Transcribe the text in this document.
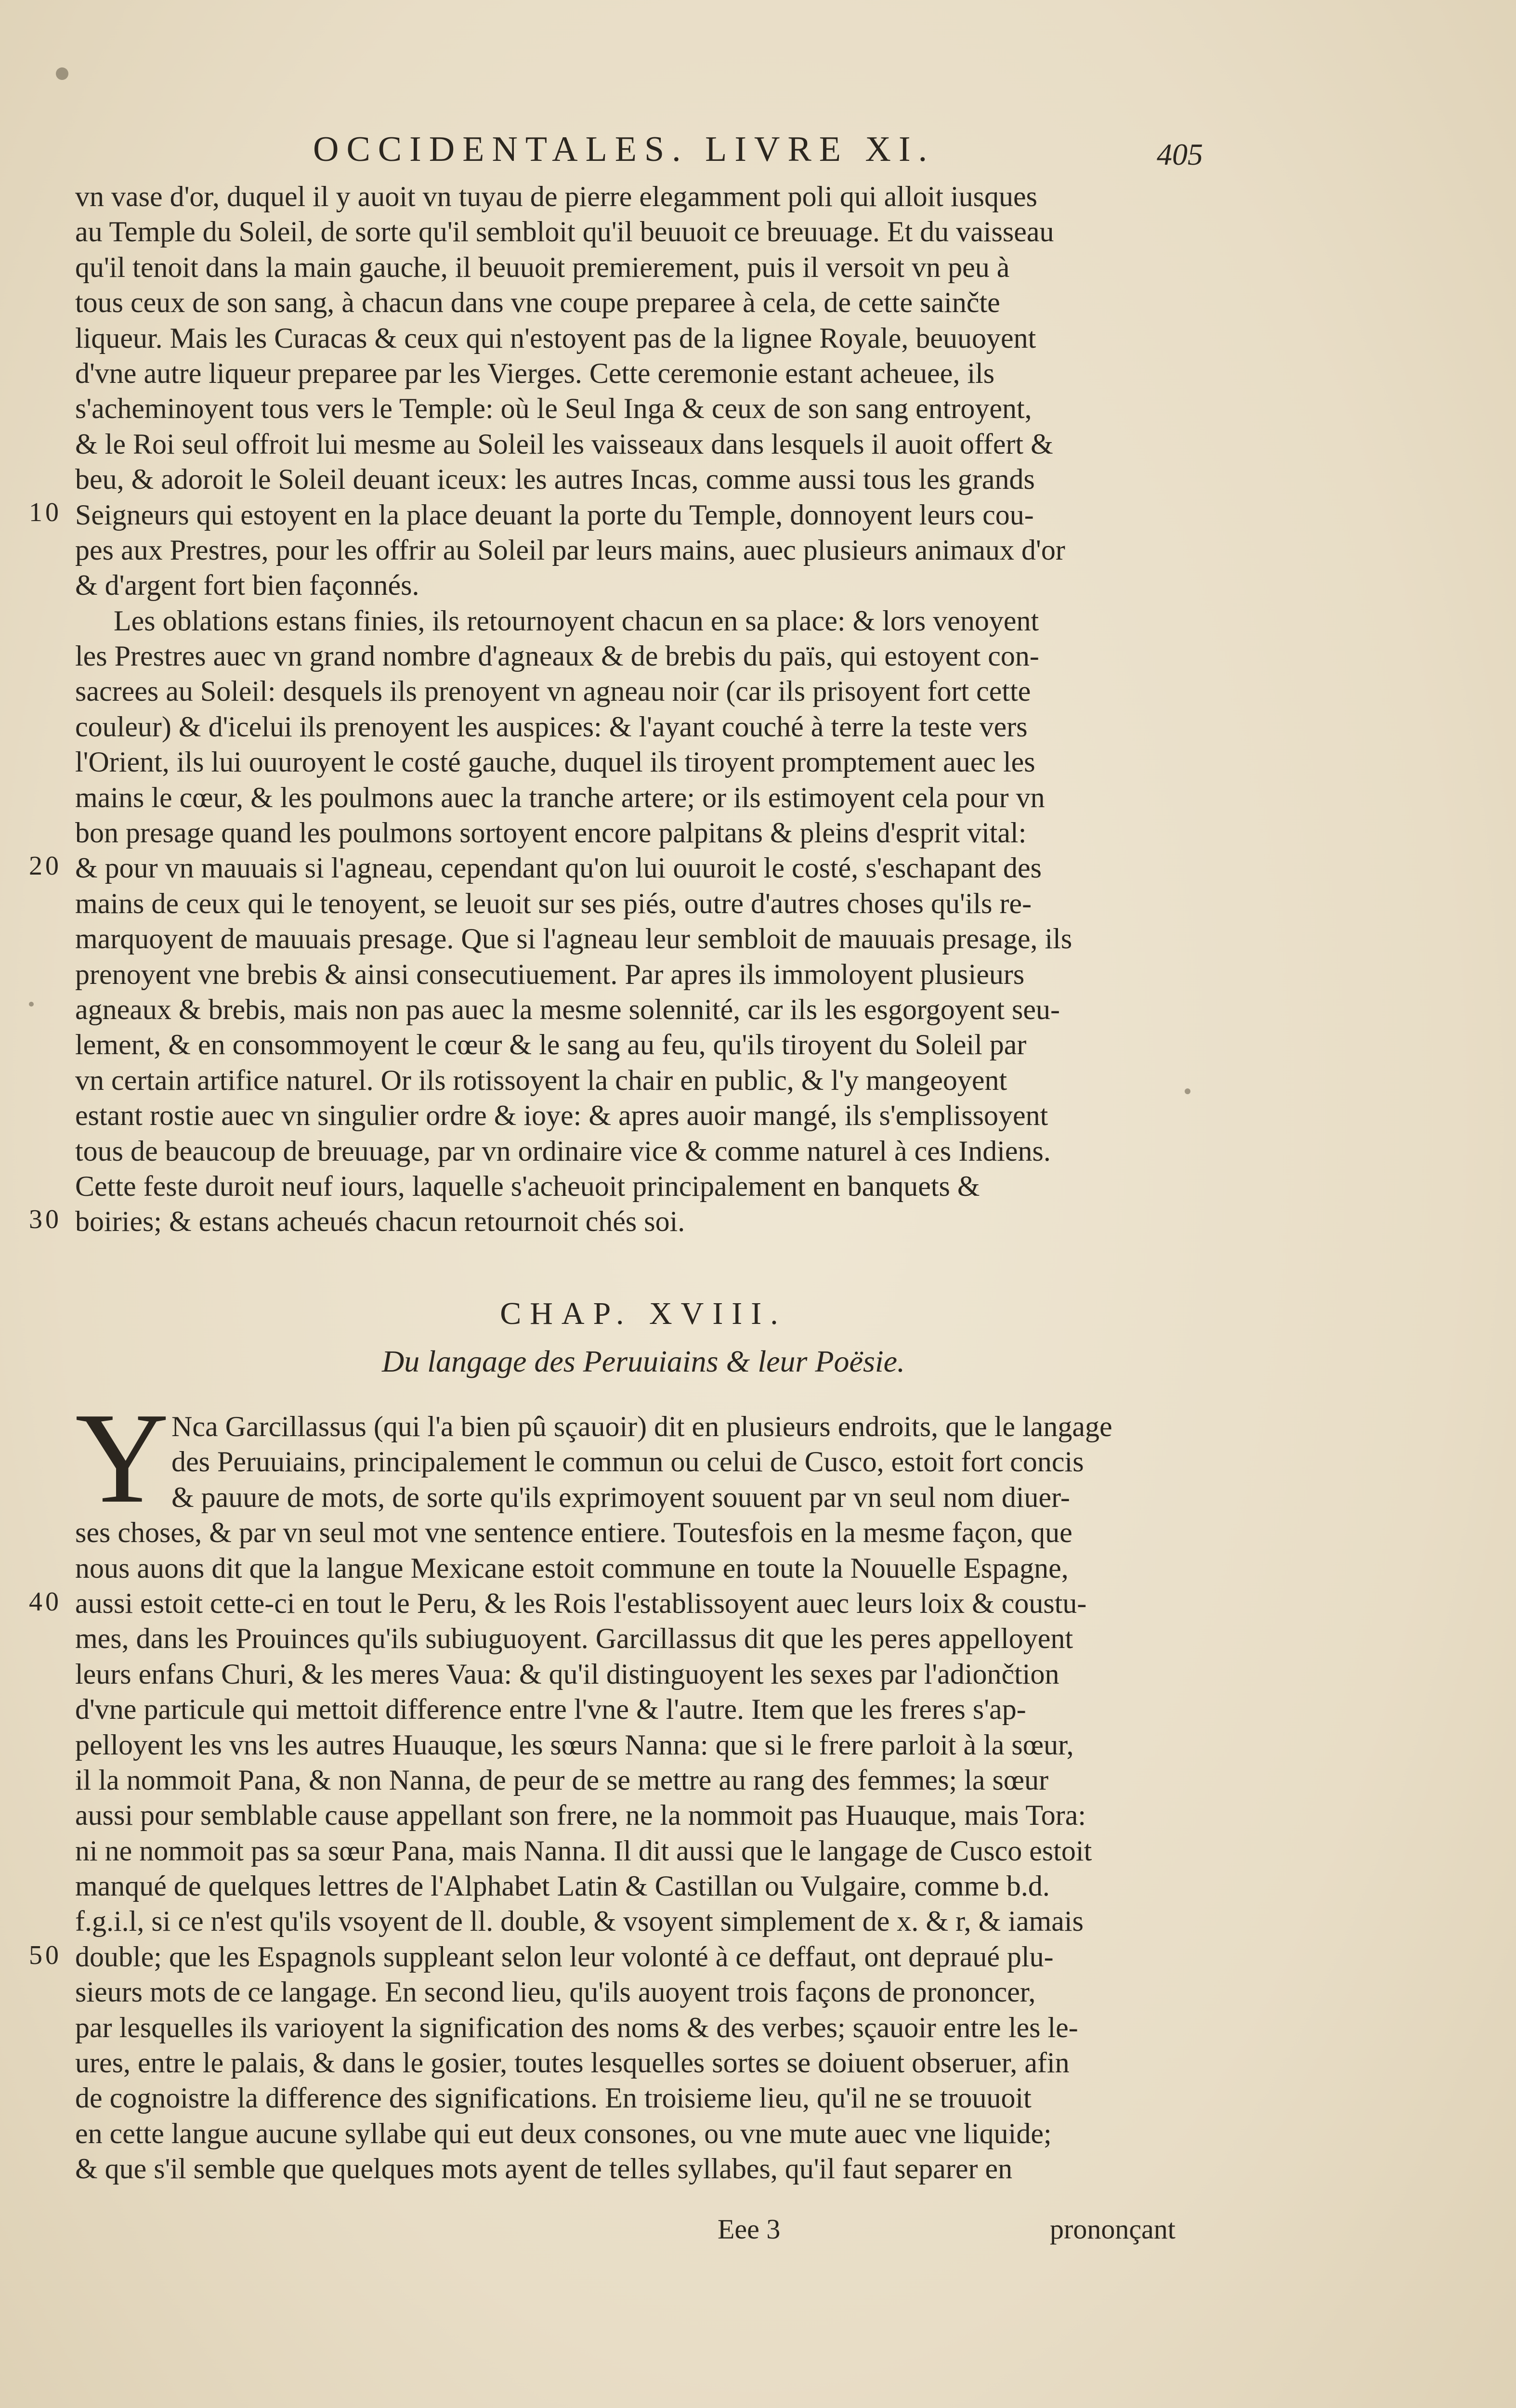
OCCIDENTALES. LIVRE XI.	405
vn vase d'or, duquel il y auoit vn tuyau de pierre elegamment poli qui alloit iusques
au Temple du Soleil, de sorte qu'il sembloit qu'il beuuoit ce breuuage. Et du vaisseau
qu'il tenoit dans la main gauche, il beuuoit premierement, puis il versoit vn peu à
tous ceux de son sang, à chacun dans vne coupe preparee à cela, de cette sainčte
liqueur. Mais les Curacas & ceux qui n'estoyent pas de la lignee Royale, beuuoyent
d'vne autre liqueur preparee par les Vierges. Cette ceremonie estant acheuee, ils
s'acheminoyent tous vers le Temple: où le Seul Inga & ceux de son sang entroyent,
& le Roi seul offroit lui mesme au Soleil les vaisseaux dans lesquels il auoit offert &
beu, & adoroit le Soleil deuant iceux: les autres Incas, comme aussi tous les grands
Seigneurs qui estoyent en la place deuant la porte du Temple, donnoyent leurs cou-
pes aux Prestres, pour les offrir au Soleil par leurs mains, auec plusieurs animaux d'or
& d'argent fort bien façonnés.
Les oblations estans finies, ils retournoyent chacun en sa place: & lors venoyent
les Prestres auec vn grand nombre d'agneaux & de brebis du païs, qui estoyent con-
sacrees au Soleil: desquels ils prenoyent vn agneau noir (car ils prisoyent fort cette
couleur) & d'icelui ils prenoyent les auspices: & l'ayant couché à terre la teste vers
l'Orient, ils lui ouuroyent le costé gauche, duquel ils tiroyent promptement auec les
mains le cœur, & les poulmons auec la tranche artere; or ils estimoyent cela pour vn
bon presage quand les poulmons sortoyent encore palpitans & pleins d'esprit vital:
& pour vn mauuais si l'agneau, cependant qu'on lui ouuroit le costé, s'eschapant des
mains de ceux qui le tenoyent, se leuoit sur ses piés, outre d'autres choses qu'ils re-
marquoyent de mauuais presage. Que si l'agneau leur sembloit de mauuais presage, ils
prenoyent vne brebis & ainsi consecutiuement. Par apres ils immoloyent plusieurs
agneaux & brebis, mais non pas auec la mesme solennité, car ils les esgorgoyent seu-
lement, & en consommoyent le cœur & le sang au feu, qu'ils tiroyent du Soleil par
vn certain artifice naturel. Or ils rotissoyent la chair en public, & l'y mangeoyent
estant rostie auec vn singulier ordre & ioye: & apres auoir mangé, ils s'emplissoyent
tous de beaucoup de breuuage, par vn ordinaire vice & comme naturel à ces Indiens.
Cette feste duroit neuf iours, laquelle s'acheuoit principalement en banquets &
boiries; & estans acheués chacun retournoit chés soi.
10
20
30
CHAP. XVIII.
Du langage des Peruuiains & leur Poësie.
Y Nca Garcillassus (qui l'a bien pû sçauoir) dit en plusieurs endroits, que le langage
des Peruuiains, principalement le commun ou celui de Cusco, estoit fort concis
& pauure de mots, de sorte qu'ils exprimoyent souuent par vn seul nom diuer-
ses choses, & par vn seul mot vne sentence entiere. Toutesfois en la mesme façon, que
nous auons dit que la langue Mexicane estoit commune en toute la Nouuelle Espagne,
aussi estoit cette-ci en tout le Peru, & les Rois l'establissoyent auec leurs loix & coustu-
mes, dans les Prouinces qu'ils subiuguoyent. Garcillassus dit que les peres appelloyent
leurs enfans Churi, & les meres Vaua: & qu'il distinguoyent les sexes par l'adiončtion
d'vne particule qui mettoit difference entre l'vne & l'autre. Item que les freres s'ap-
pelloyent les vns les autres Huauque, les sœurs Nanna: que si le frere parloit à la sœur,
il la nommoit Pana, & non Nanna, de peur de se mettre au rang des femmes; la sœur
aussi pour semblable cause appellant son frere, ne la nommoit pas Huauque, mais Tora:
ni ne nommoit pas sa sœur Pana, mais Nanna. Il dit aussi que le langage de Cusco estoit
manqué de quelques lettres de l'Alphabet Latin & Castillan ou Vulgaire, comme b.d.
f.g.i.l, si ce n'est qu'ils vsoyent de ll. double, & vsoyent simplement de x. & r, & iamais
double; que les Espagnols suppleant selon leur volonté à ce deffaut, ont depraué plu-
sieurs mots de ce langage. En second lieu, qu'ils auoyent trois façons de prononcer,
par lesquelles ils varioyent la signification des noms & des verbes; sçauoir entre les le-
ures, entre le palais, & dans le gosier, toutes lesquelles sortes se doiuent obseruer, afin
de cognoistre la difference des significations. En troisieme lieu, qu'il ne se trouuoit
en cette langue aucune syllabe qui eut deux consones, ou vne mute auec vne liquide;
& que s'il semble que quelques mots ayent de telles syllabes, qu'il faut separer en
40
50
Eee 3	prononçant
